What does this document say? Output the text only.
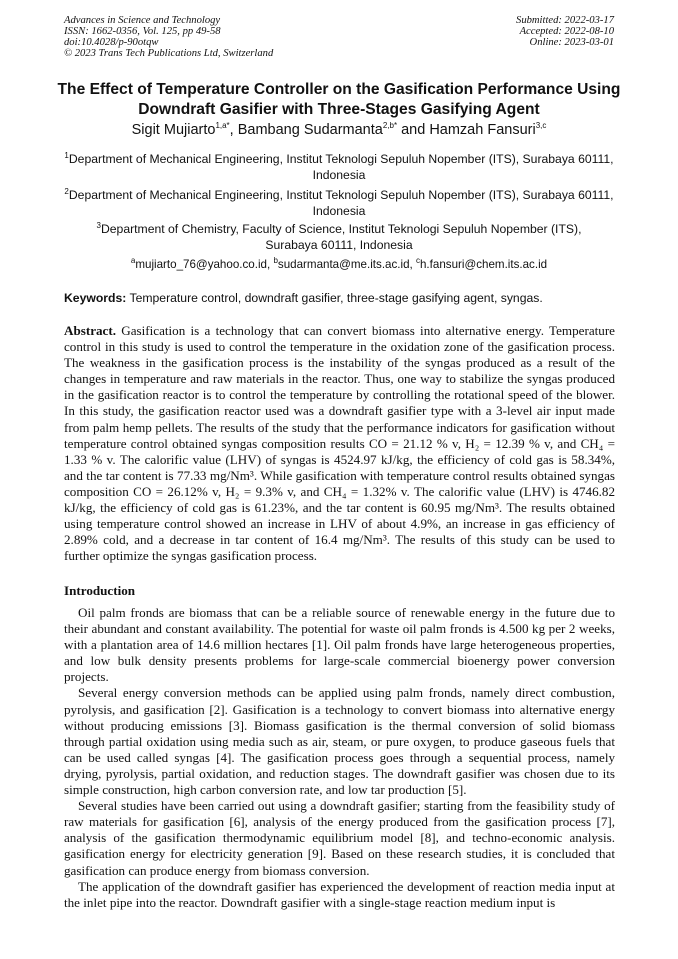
Advances in Science and Technology
ISSN: 1662-0356, Vol. 125, pp 49-58
doi:10.4028/p-90otqw
© 2023 Trans Tech Publications Ltd, Switzerland
Submitted: 2022-03-17
Accepted: 2022-08-10
Online: 2023-03-01
The Effect of Temperature Controller on the Gasification Performance Using Downdraft Gasifier with Three-Stages Gasifying Agent
Sigit Mujiarto$^{1,a*}$, Bambang Sudarmanta$^{2,b*}$ and Hamzah Fansuri$^{3,c}$
$^1$Department of Mechanical Engineering, Institut Teknologi Sepuluh Nopember (ITS), Surabaya 60111, Indonesia
$^2$Department of Mechanical Engineering, Institut Teknologi Sepuluh Nopember (ITS), Surabaya 60111, Indonesia
$^3$Department of Chemistry, Faculty of Science, Institut Teknologi Sepuluh Nopember (ITS), Surabaya 60111, Indonesia
$^a$mujiarto_76@yahoo.co.id, $^b$sudarmanta@me.its.ac.id, $^c$h.fansuri@chem.its.ac.id
Keywords: Temperature control, downdraft gasifier, three-stage gasifying agent, syngas.

Abstract. Gasification is a technology that can convert biomass into alternative energy. Temperature control in this study is used to control the temperature in the oxidation zone of the gasification process. The weakness in the gasification process is the instability of the syngas produced as a result of the changes in temperature and raw materials in the reactor. Thus, one way to stabilize the syngas produced in the gasification reactor is to control the temperature by controlling the rotational speed of the blower. In this study, the gasification reactor used was a downdraft gasifier type with a 3-level air input made from palm hemp pellets. The results of the study that the performance indicators for gasification without temperature control obtained syngas composition results CO = 21.12 % v, H₂ = 12.39 % v, and CH₄ = 1.33 % v. The calorific value (LHV) of syngas is 4524.97 kJ/kg, the efficiency of cold gas is 58.34%, and the tar content is 77.33 mg/Nm³. While gasification with temperature control results obtained syngas composition CO = 26.12% v, H₂ = 9.3% v, and CH₄ = 1.32% v. The calorific value (LHV) is 4746.82 kJ/kg, the efficiency of cold gas is 61.23%, and the tar content is 60.95 mg/Nm³. The results obtained using temperature control showed an increase in LHV of about 4.9%, an increase in gas efficiency of 2.89% cold, and a decrease in tar content of 16.4 mg/Nm³. The results of this study can be used to further optimize the syngas gasification process.

Introduction

Oil palm fronds are biomass that can be a reliable source of renewable energy in the future due to their abundant and constant availability. The potential for waste oil palm fronds is 4.500 kg per 2 weeks, with a plantation area of 14.6 million hectares [1]. Oil palm fronds have large heterogeneous properties, and low bulk density presents problems for large-scale commercial bioenergy power conversion projects.

Several energy conversion methods can be applied using palm fronds, namely direct combustion, pyrolysis, and gasification [2]. Gasification is a technology to convert biomass into alternative energy without producing emissions [3]. Biomass gasification is the thermal conversion of solid biomass through partial oxidation using media such as air, steam, or pure oxygen, to produce gaseous fuels that can be used called syngas [4]. The gasification process goes through a sequential process, namely drying, pyrolysis, partial oxidation, and reduction stages. The downdraft gasifier was chosen due to its simple construction, high carbon conversion rate, and low tar production [5].

Several studies have been carried out using a downdraft gasifier; starting from the feasibility study of raw materials for gasification [6], analysis of the energy produced from the gasification process [7], analysis of the gasification thermodynamic equilibrium model [8], and techno-economic analysis. gasification energy for electricity generation [9]. Based on these research studies, it is concluded that gasification can produce energy from biomass conversion.

The application of the downdraft gasifier has experienced the development of reaction media input at the inlet pipe into the reactor. Downdraft gasifier with a single-stage reaction medium input is
